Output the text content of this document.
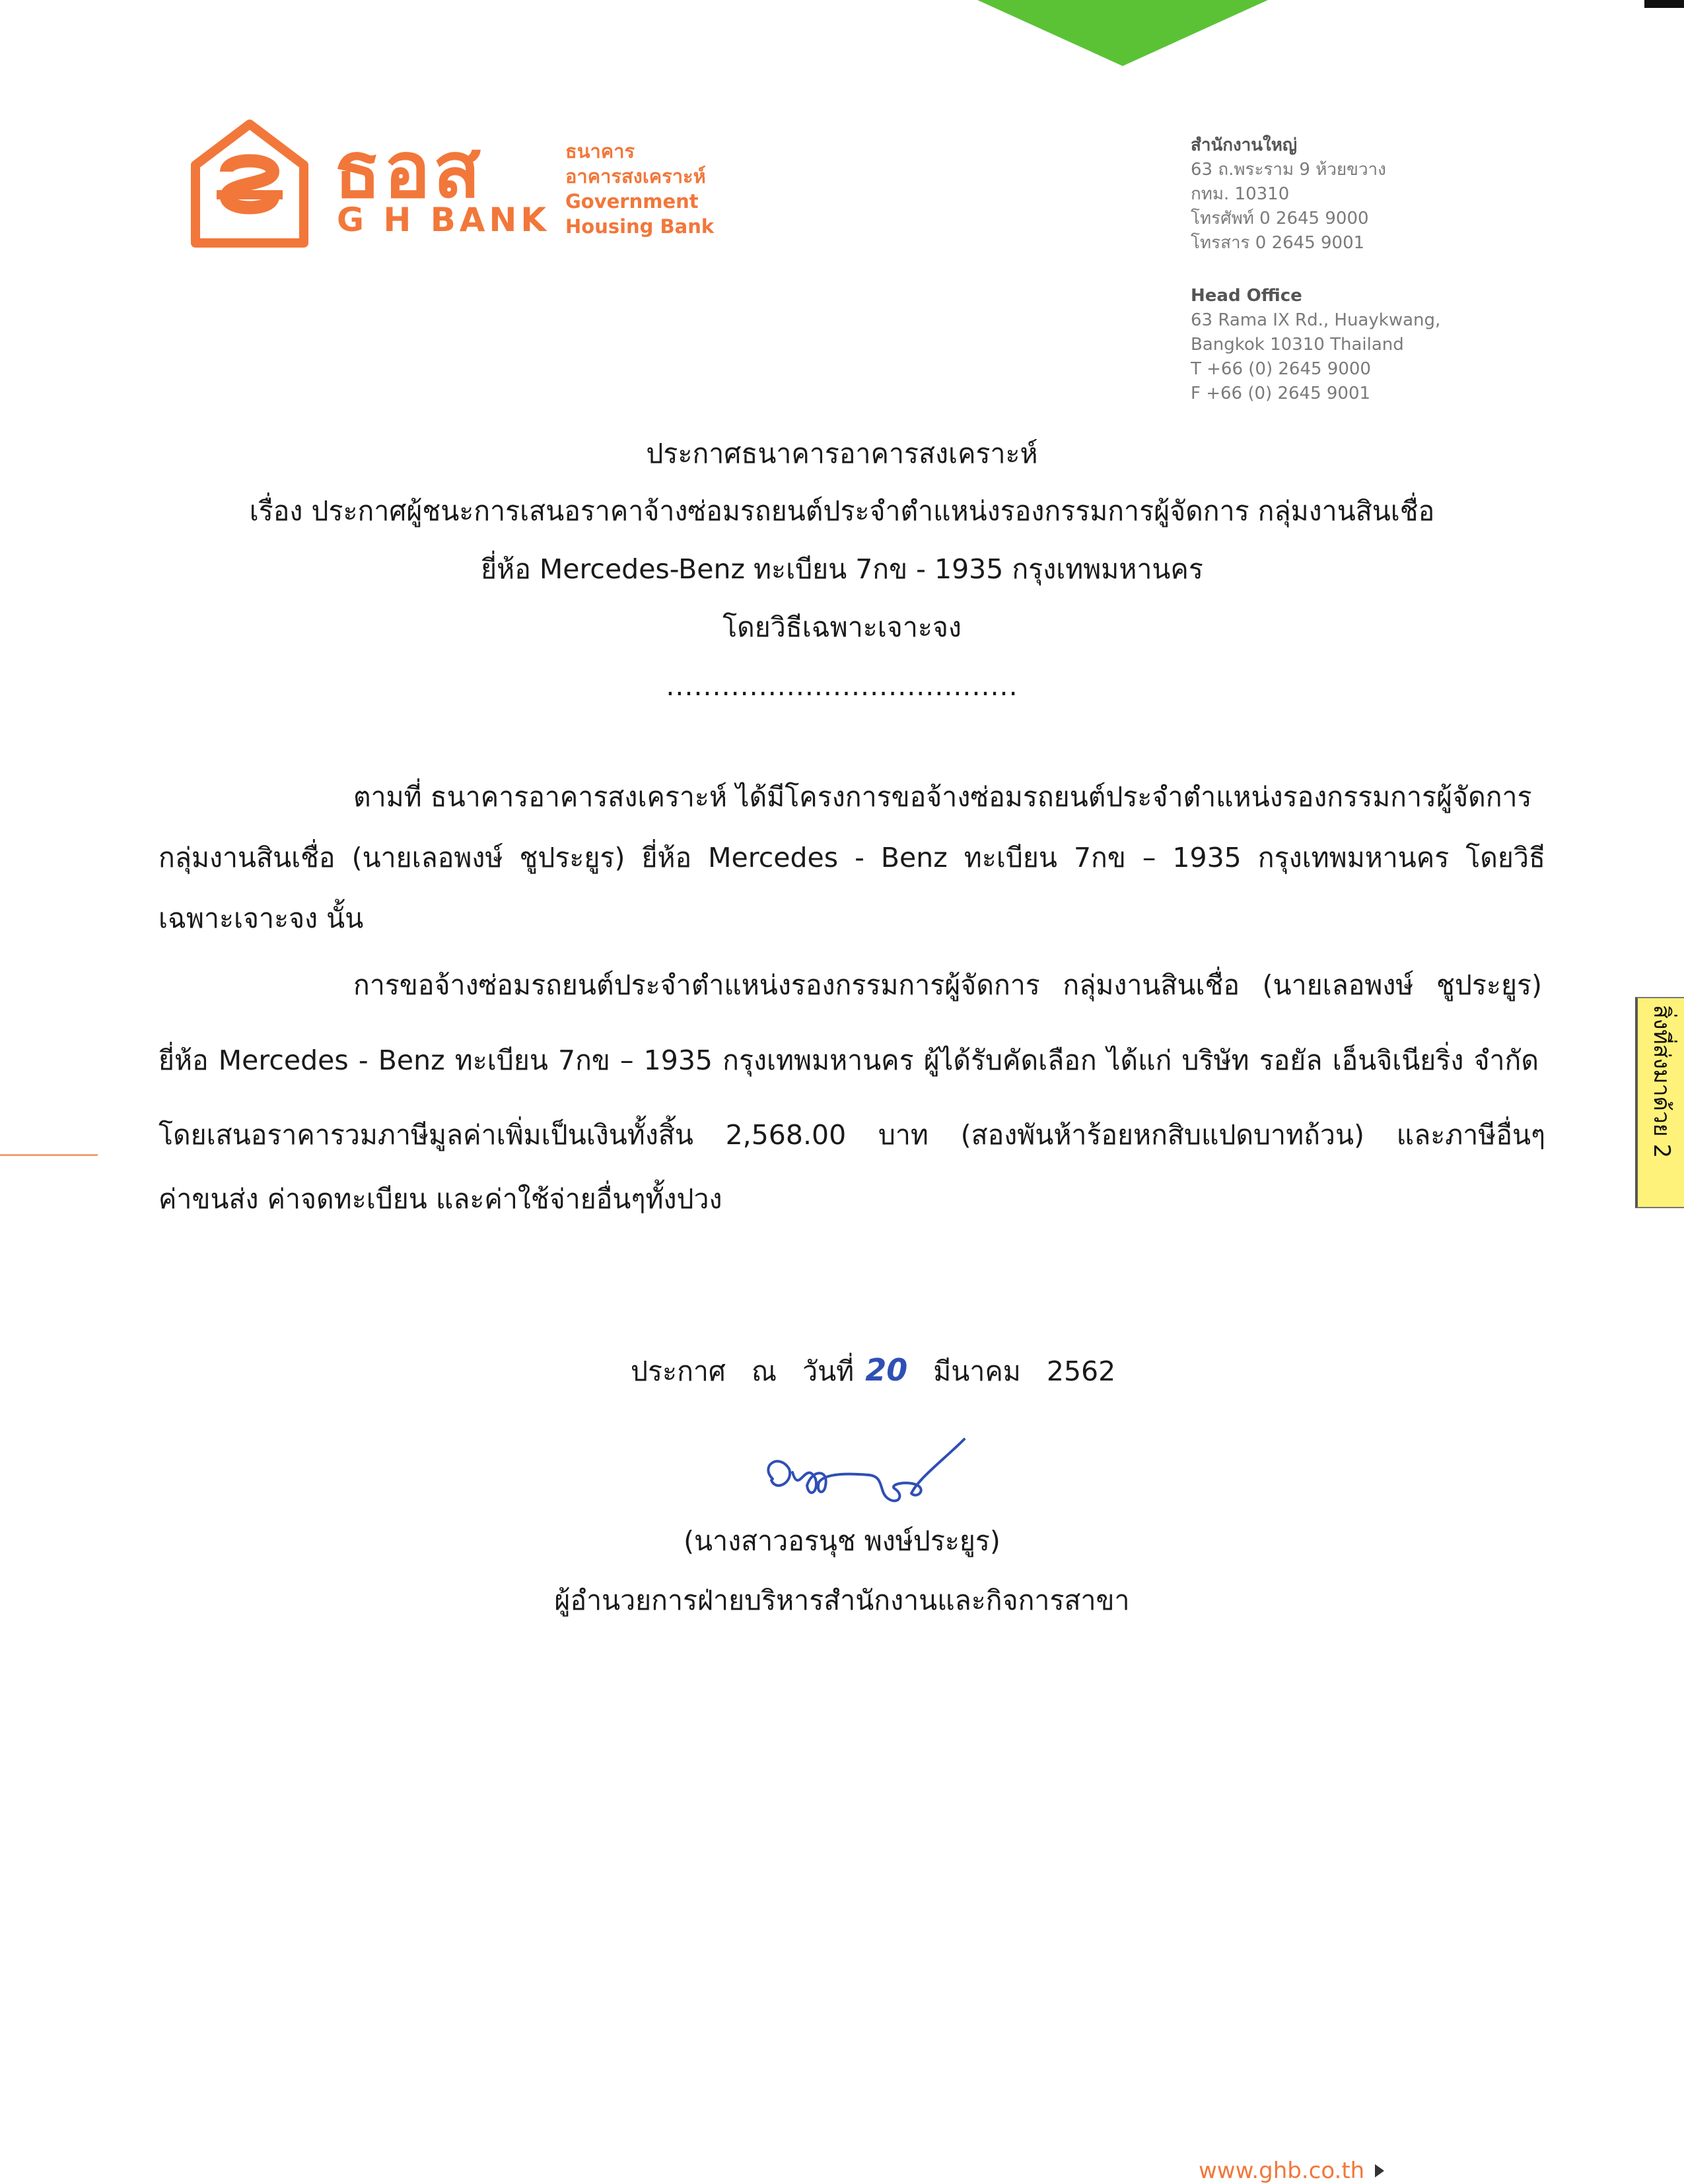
ธอส
G H BANK
ธนาคาร
อาคารสงเคราะห์
Government
Housing Bank
สำนักงานใหญ่
63 ถ.พระราม 9 ห้วยขวาง
กทม. 10310
โทรศัพท์ 0 2645 9000
โทรสาร 0 2645 9001
Head Office
63 Rama IX Rd., Huaykwang,
Bangkok 10310 Thailand
T +66 (0) 2645 9000
F +66 (0) 2645 9001
ประกาศธนาคารอาคารสงเคราะห์
เรื่อง ประกาศผู้ชนะการเสนอราคาจ้างซ่อมรถยนต์ประจำตำแหน่งรองกรรมการผู้จัดการ กลุ่มงานสินเชื่อ
ยี่ห้อ Mercedes-Benz ทะเบียน 7กข - 1935 กรุงเทพมหานคร
โดยวิธีเฉพาะเจาะจง
......................................
ตามที่ ธนาคารอาคารสงเคราะห์ ได้มีโครงการขอจ้างซ่อมรถยนต์ประจำตำแหน่งรองกรรมการผู้จัดการ
กลุ่มงานสินเชื่อ (นายเลอพงษ์ ชูประยูร) ยี่ห้อ Mercedes - Benz ทะเบียน 7กข – 1935 กรุงเทพมหานคร โดยวิธี
เฉพาะเจาะจง นั้น
การขอจ้างซ่อมรถยนต์ประจำตำแหน่งรองกรรมการผู้จัดการ กลุ่มงานสินเชื่อ (นายเลอพงษ์ ชูประยูร)
ยี่ห้อ Mercedes - Benz ทะเบียน 7กข – 1935 กรุงเทพมหานคร ผู้ได้รับคัดเลือก ได้แก่ บริษัท รอยัล เอ็นจิเนียริ่ง จำกัด
โดยเสนอราคารวมภาษีมูลค่าเพิ่มเป็นเงินทั้งสิ้น 2,568.00 บาท (สองพันห้าร้อยหกสิบแปดบาทถ้วน) และภาษีอื่นๆ
ค่าขนส่ง ค่าจดทะเบียน และค่าใช้จ่ายอื่นๆทั้งปวง
ประกาศ ณ วันที่ 20 มีนาคม 2562
(นางสาวอรนุช พงษ์ประยูร)
ผู้อำนวยการฝ่ายบริหารสำนักงานและกิจการสาขา
สิ่งที่ส่งมาด้วย 2
www.ghb.co.th
